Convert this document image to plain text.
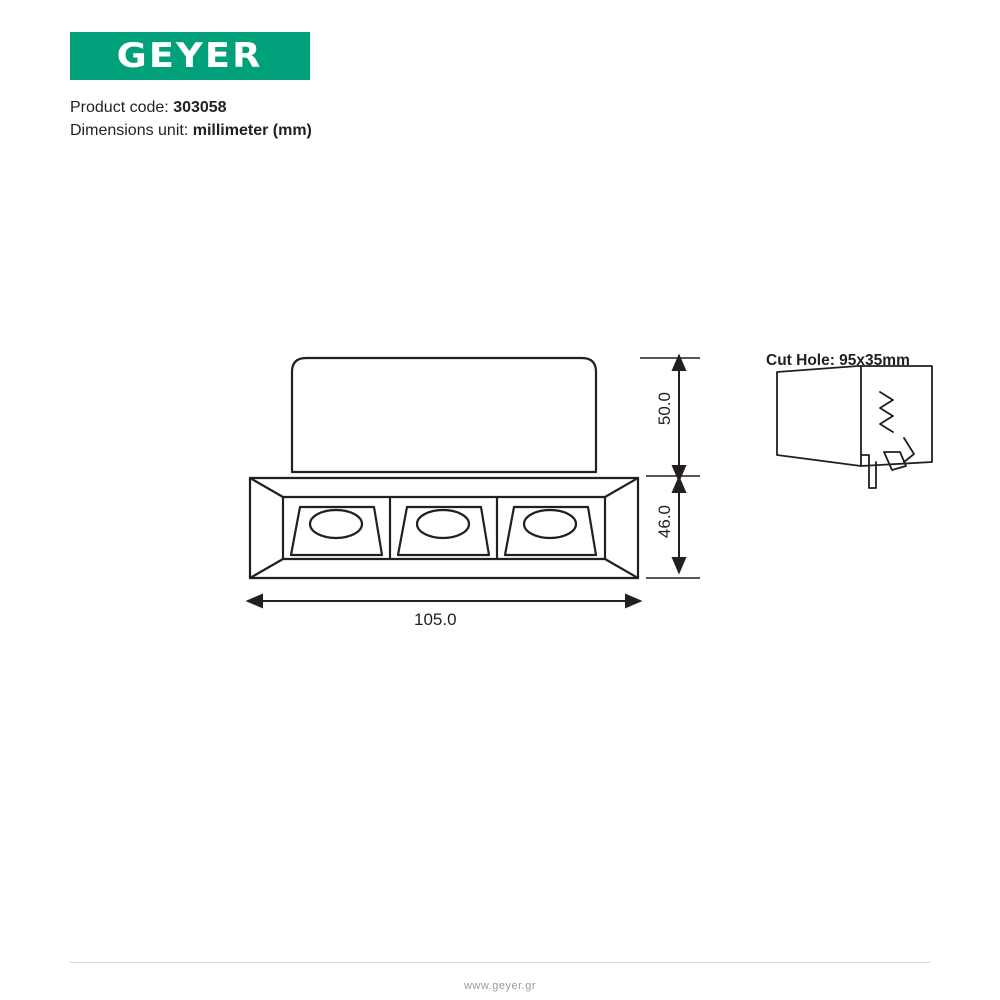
GEYER
Product code: 303058
Dimensions unit: millimeter (mm)
50.0
46.0
105.0
Cut Hole: 95x35mm
www.geyer.gr
